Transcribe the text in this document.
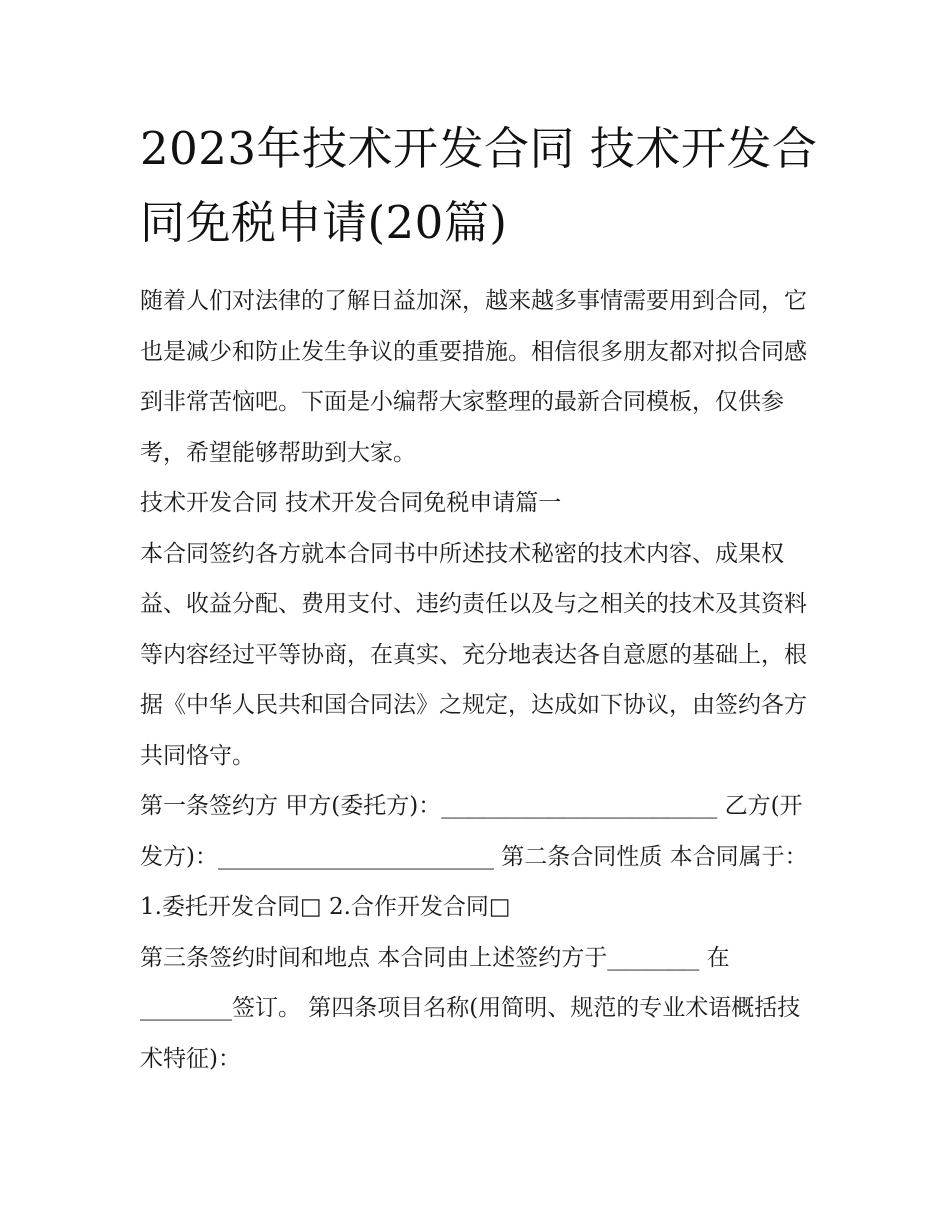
2023年技术开发合同 技术开发合同免税申请(20篇)

随着人们对法律的了解日益加深，越来越多事情需要用到合同，它也是减少和防止发生争议的重要措施。相信很多朋友都对拟合同感到非常苦恼吧。下面是小编帮大家整理的最新合同模板，仅供参考，希望能够帮助到大家。

技术开发合同 技术开发合同免税申请篇一

本合同签约各方就本合同书中所述技术秘密的技术内容、成果权益、收益分配、费用支付、违约责任以及与之相关的技术及其资料等内容经过平等协商，在真实、充分地表达各自意愿的基础上，根据《中华人民共和国合同法》之规定，达成如下协议，由签约各方共同恪守。

第一条签约方 甲方(委托方)：________________________ 乙方(开发方)：________________________ 第二条合同性质 本合同属于： 1.委托开发合同□ 2.合作开发合同□

第三条签约时间和地点 本合同由上述签约方于________ 在________签订。 第四条项目名称(用简明、规范的专业术语概括技术特征)：
